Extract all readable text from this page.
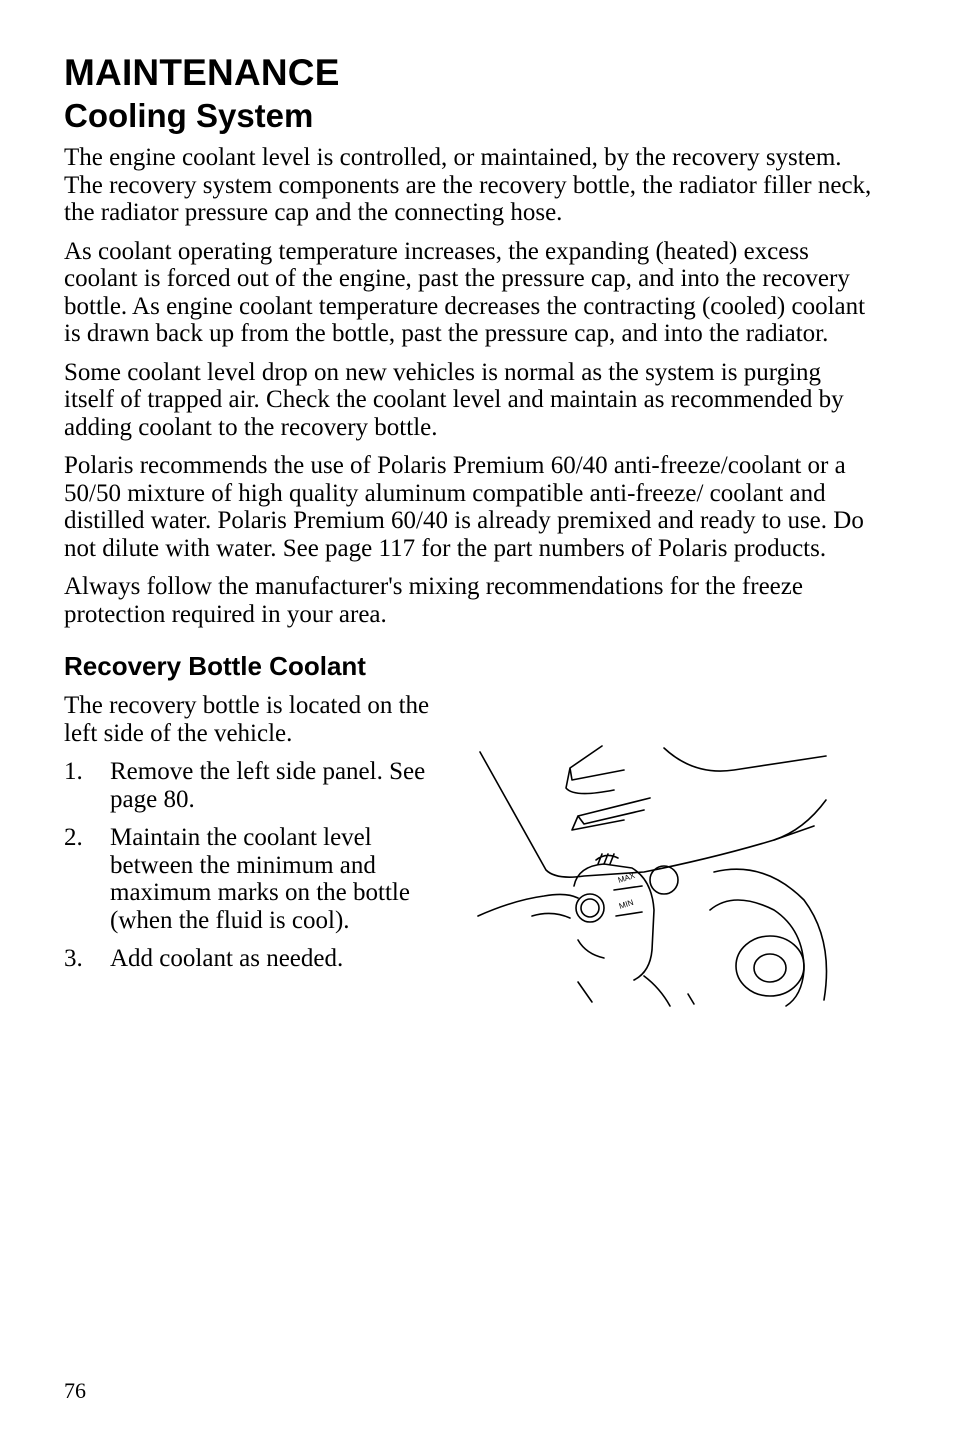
MAINTENANCE
Cooling System

The engine coolant level is controlled, or maintained, by the recovery system. The recovery system components are the recovery bottle, the radiator filler neck, the radiator pressure cap and the connecting hose.

As coolant operating temperature increases, the expanding (heated) excess coolant is forced out of the engine, past the pressure cap, and into the recovery bottle. As engine coolant temperature decreases the contracting (cooled) coolant is drawn back up from the bottle, past the pressure cap, and into the radiator.

Some coolant level drop on new vehicles is normal as the system is purging itself of trapped air. Check the coolant level and maintain as recommended by adding coolant to the recovery bottle.

Polaris recommends the use of Polaris Premium 60/40 anti-freeze/coolant or a 50/50 mixture of high quality aluminum compatible anti-freeze/ coolant and distilled water. Polaris Premium 60/40 is already premixed and ready to use. Do not dilute with water. See page 117 for the part numbers of Polaris products.

Always follow the manufacturer's mixing recommendations for the freeze protection required in your area.

Recovery Bottle Coolant

The recovery bottle is located on the left side of the vehicle.

1.	Remove the left side panel. See page 80.
2.	Maintain the coolant level between the minimum and maximum marks on the bottle (when the fluid is cool).
3.	Add coolant as needed.
MAX
MIN
76
